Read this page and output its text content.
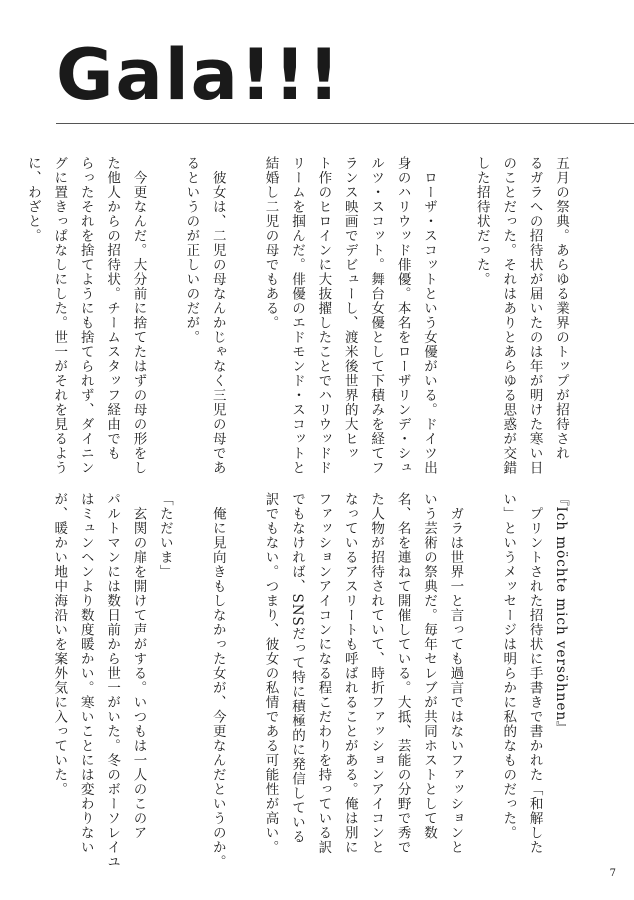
Gala!!!

五月の祭典。あらゆる業界のトップが招待され
るガラへの招待状が届いたのは年が明けた寒い日
のことだった。それはありとあらゆる思惑が交錯
した招待状だった。

　ローザ・スコットという女優がいる。ドイツ出
身のハリウッド俳優。本名をローザリンデ・シュ
ルツ・スコット。舞台女優として下積みを経てフ
ランス映画でデビューし、渡米後世界的大ヒッ
ト作のヒロインに大抜擢したことでハリウッドド
リームを掴んだ。俳優のエドモンド・スコットと
結婚し二児の母でもある。

　彼女は、二児の母なんかじゃなく三児の母であ
るというのが正しいのだが。

　今更なんだ。大分前に捨てたはずの母の形をし
た他人からの招待状。チームスタッフ経由でも
らったそれを捨てようにも捨てられず、ダイニン
グに置きっぱなしにした。世一がそれを見るよう
に、わざと。

『Ich möchte mich versöhnen』
　プリントされた招待状に手書きで書かれた「和解した
い」というメッセージは明らかに私的なものだった。

　ガラは世界一と言っても過言ではないファッションと
いう芸術の祭典だ。毎年セレブが共同ホストとして数
名、名を連ねて開催している。大抵、芸能の分野で秀で
た人物が招待されていて、時折ファッションアイコンと
なっているアスリートも呼ばれることがある。俺は別に
ファッションアイコンになる程こだわりを持っている訳
でもなければ、SNSだって特に積極的に発信している
訳でもない。つまり、彼女の私情である可能性が高い。

　俺に見向きもしなかった女が、今更なんだというのか。

「ただいま」
　玄関の扉を開けて声がする。いつもは一人のこのア
パルトマンには数日前から世一がいた。冬のボーソレイユ
はミュンヘンより数度暖かい。寒いことには変わりない
が、暖かい地中海沿いを案外気に入っていた。

7
